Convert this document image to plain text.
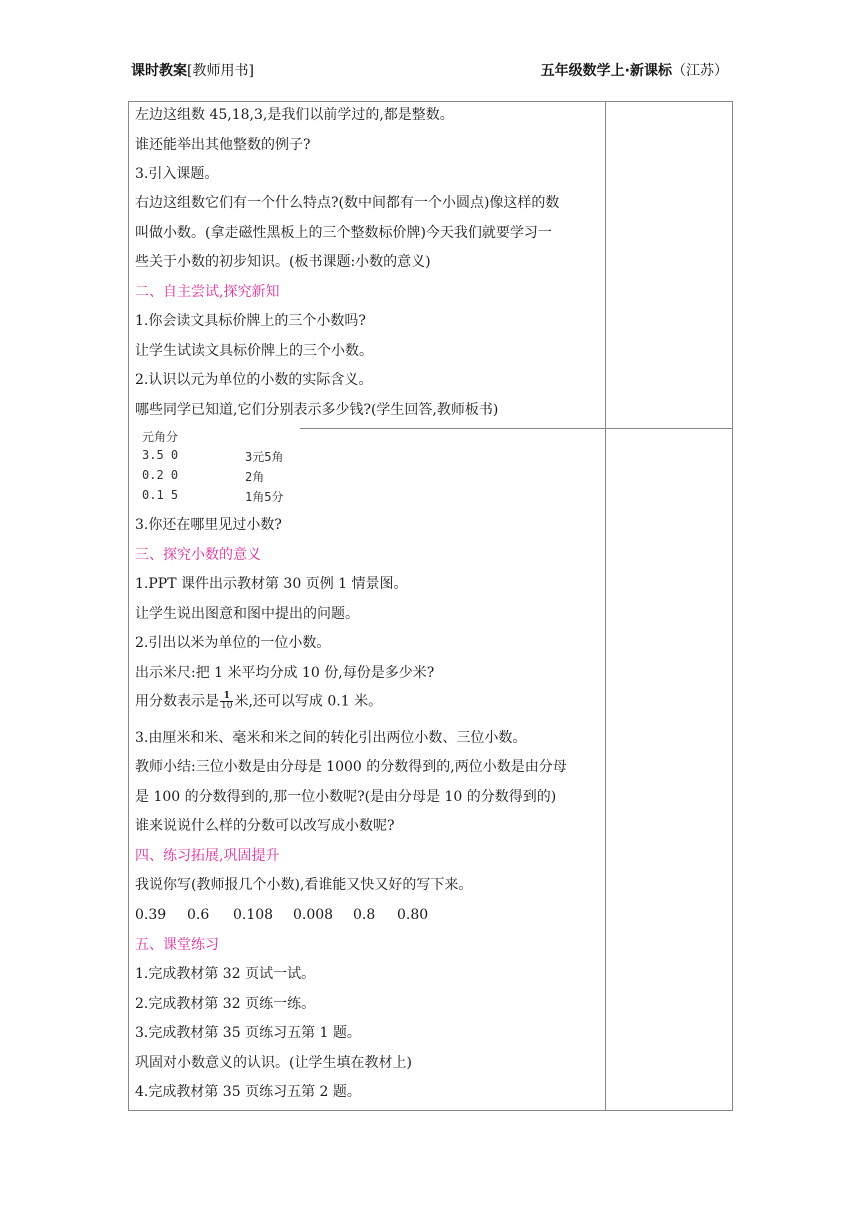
课时教案[教师用书]	五年级数学上·新课标（江苏）
左边这组数 45,18,3,是我们以前学过的,都是整数。
谁还能举出其他整数的例子?
3.引入课题。
右边这组数它们有一个什么特点?(数中间都有一个小圆点)像这样的数
叫做小数。(拿走磁性黑板上的三个整数标价牌)今天我们就要学习一
些关于小数的初步知识。(板书课题:小数的意义)
二、自主尝试,探究新知
1.你会读文具标价牌上的三个小数吗?
让学生试读文具标价牌上的三个小数。
2.认识以元为单位的小数的实际含义。
哪些同学已知道,它们分别表示多少钱?(学生回答,教师板书)
元角分
3.5 0	3元5角
0.2 0	2角
0.1 5	1角5分
3.你还在哪里见过小数?
三、探究小数的意义
1.PPT 课件出示教材第 30 页例 1 情景图。
让学生说出图意和图中提出的问题。
2.引出以米为单位的一位小数。
出示米尺:把 1 米平均分成 10 份,每份是多少米?
用分数表示是 $\frac{1}{10}$ 米,还可以写成 0.1 米。
3.由厘米和米、毫米和米之间的转化引出两位小数、三位小数。
教师小结:三位小数是由分母是 1000 的分数得到的,两位小数是由分母
是 100 的分数得到的,那一位小数呢?(是由分母是 10 的分数得到的)
谁来说说什么样的分数可以改写成小数呢?
四、练习拓展,巩固提升
我说你写(教师报几个小数),看谁能又快又好的写下来。
0.39 0.6 0.108 0.008 0.8 0.80
五、课堂练习
1.完成教材第 32 页试一试。
2.完成教材第 32 页练一练。
3.完成教材第 35 页练习五第 1 题。
巩固对小数意义的认识。(让学生填在教材上)
4.完成教材第 35 页练习五第 2 题。
